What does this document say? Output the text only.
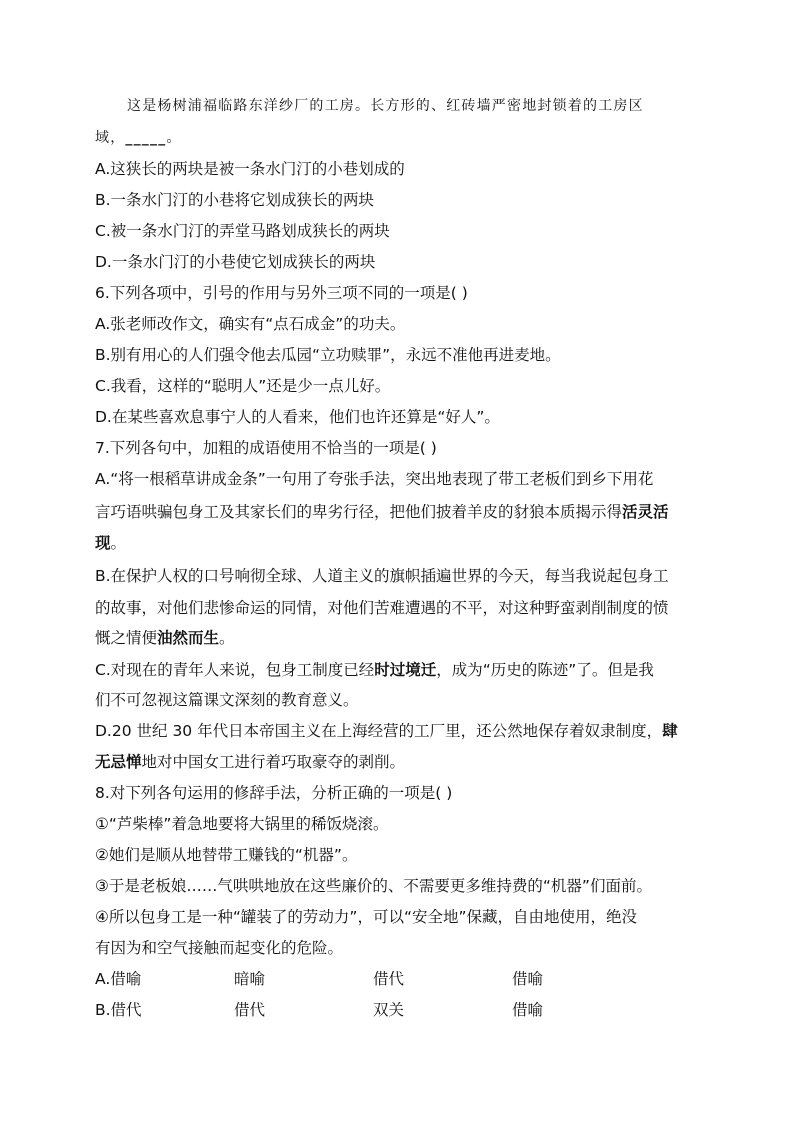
这是杨树浦福临路东洋纱厂的工房。长方形的、红砖墙严密地封锁着的工房区
域，_____。
A.这狭长的两块是被一条水门汀的小巷划成的
B.一条水门汀的小巷将它划成狭长的两块
C.被一条水门汀的弄堂马路划成狭长的两块
D.一条水门汀的小巷使它划成狭长的两块
6.下列各项中，引号的作用与另外三项不同的一项是( )
A.张老师改作文，确实有“点石成金”的功夫。
B.别有用心的人们强令他去瓜园“立功赎罪”，永远不准他再进麦地。
C.我看，这样的“聪明人”还是少一点儿好。
D.在某些喜欢息事宁人的人看来，他们也许还算是“好人”。
7.下列各句中，加粗的成语使用不恰当的一项是( )
A.“将一根稻草讲成金条”一句用了夸张手法，突出地表现了带工老板们到乡下用花
言巧语哄骗包身工及其家长们的卑劣行径，把他们披着羊皮的豺狼本质揭示得活灵活
现。
B.在保护人权的口号响彻全球、人道主义的旗帜插遍世界的今天，每当我说起包身工
的故事，对他们悲惨命运的同情，对他们苦难遭遇的不平，对这种野蛮剥削制度的愤
慨之情便油然而生。
C.对现在的青年人来说，包身工制度已经时过境迁，成为“历史的陈迹”了。但是我
们不可忽视这篇课文深刻的教育意义。
D.20 世纪 30 年代日本帝国主义在上海经营的工厂里，还公然地保存着奴隶制度，肆
无忌惮地对中国女工进行着巧取豪夺的剥削。
8.对下列各句运用的修辞手法，分析正确的一项是( )
①“芦柴棒”着急地要将大锅里的稀饭烧滚。
②她们是顺从地替带工赚钱的“机器”。
③于是老板娘……气哄哄地放在这些廉价的、不需要更多维持费的“机器”们面前。
④所以包身工是一种“罐装了的劳动力”，可以“安全地”保藏，自由地使用，绝没
有因为和空气接触而起变化的危险。
A.借喻	暗喻	借代	借喻
B.借代	借代	双关	借喻
